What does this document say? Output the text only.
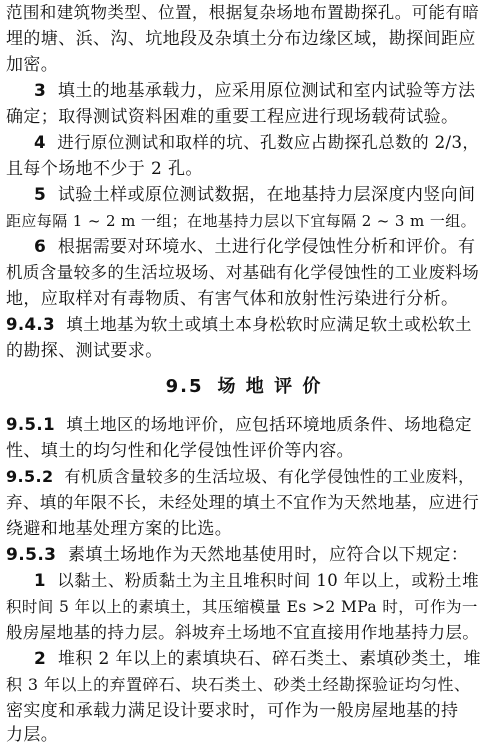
范围和建筑物类型、位置，根据复杂场地布置勘探孔。可能有暗
埋的塘、浜、沟、坑地段及杂填土分布边缘区域，勘探间距应
加密。
3 填土的地基承载力，应采用原位测试和室内试验等方法
确定；取得测试资料困难的重要工程应进行现场载荷试验。
4 进行原位测试和取样的坑、孔数应占勘探孔总数的 2/3，
且每个场地不少于 2 孔。
5 试验土样或原位测试数据，在地基持力层深度内竖向间
距应每隔 1 ~ 2 m 一组；在地基持力层以下宜每隔 2 ~ 3 m 一组。
6 根据需要对环境水、土进行化学侵蚀性分析和评价。有
机质含量较多的生活垃圾场、对基础有化学侵蚀性的工业废料场
地，应取样对有毒物质、有害气体和放射性污染进行分析。
9.4.3 填土地基为软土或填土本身松软时应满足软土或松软土
的勘探、测试要求。
9.5 场 地 评 价
9.5.1 填土地区的场地评价，应包括环境地质条件、场地稳定
性、填土的均匀性和化学侵蚀性评价等内容。
9.5.2 有机质含量较多的生活垃圾、有化学侵蚀性的工业废料，
弃、填的年限不长，未经处理的填土不宜作为天然地基，应进行
绕避和地基处理方案的比选。
9.5.3 素填土场地作为天然地基使用时，应符合以下规定：
1 以黏土、粉质黏土为主且堆积时间 10 年以上，或粉土堆
积时间 5 年以上的素填土，其压缩模量 Es >2 MPa 时，可作为一
般房屋地基的持力层。斜坡弃土场地不宜直接用作地基持力层。
2 堆积 2 年以上的素填块石、碎石类土、素填砂类土，堆
积 3 年以上的弃置碎石、块石类土、砂类土经勘探验证均匀性、
密实度和承载力满足设计要求时，可作为一般房屋地基的持
力层。
